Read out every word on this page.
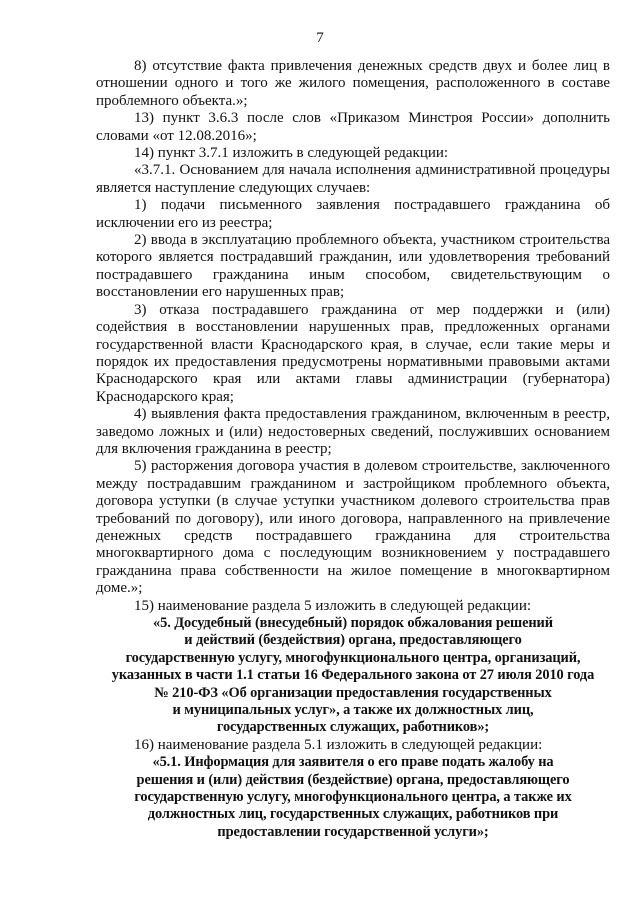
7

8) отсутствие факта привлечения денежных средств двух и более лиц в отношении одного и того же жилого помещения, расположенного в составе проблемного объекта.»;

13) пункт 3.6.3 после слов «Приказом Минстроя России» дополнить словами «от 12.08.2016»;

14) пункт 3.7.1 изложить в следующей редакции:

«3.7.1. Основанием для начала исполнения административной процедуры является наступление следующих случаев:

1) подачи письменного заявления пострадавшего гражданина об исключении его из реестра;

2) ввода в эксплуатацию проблемного объекта, участником строительства которого является пострадавший гражданин, или удовлетворения требований пострадавшего гражданина иным способом, свидетельствующим о восстановлении его нарушенных прав;

3) отказа пострадавшего гражданина от мер поддержки и (или) содействия в восстановлении нарушенных прав, предложенных органами государственной власти Краснодарского края, в случае, если такие меры и порядок их предоставления предусмотрены нормативными правовыми актами Краснодарского края или актами главы администрации (губернатора) Краснодарского края;

4) выявления факта предоставления гражданином, включенным в реестр, заведомо ложных и (или) недостоверных сведений, послуживших основанием для включения гражданина в реестр;

5) расторжения договора участия в долевом строительстве, заключенного между пострадавшим гражданином и застройщиком проблемного объекта, договора уступки (в случае уступки участником долевого строительства прав требований по договору), или иного договора, направленного на привлечение денежных средств пострадавшего гражданина для строительства многоквартирного дома с последующим возникновением у пострадавшего гражданина права собственности на жилое помещение в многоквартирном доме.»;

15) наименование раздела 5 изложить в следующей редакции:

«5. Досудебный (внесудебный) порядок обжалования решений
и действий (бездействия) органа, предоставляющего
государственную услугу, многофункционального центра, организаций,
указанных в части 1.1 статьи 16 Федерального закона от 27 июля 2010 года
№ 210-ФЗ «Об организации предоставления государственных
и муниципальных услуг», а также их должностных лиц,
государственных служащих, работников»;

16) наименование раздела 5.1 изложить в следующей редакции:

«5.1. Информация для заявителя о его праве подать жалобу на
решения и (или) действия (бездействие) органа, предоставляющего
государственную услугу, многофункционального центра, а также их
должностных лиц, государственных служащих, работников при
предоставлении государственной услуги»;
